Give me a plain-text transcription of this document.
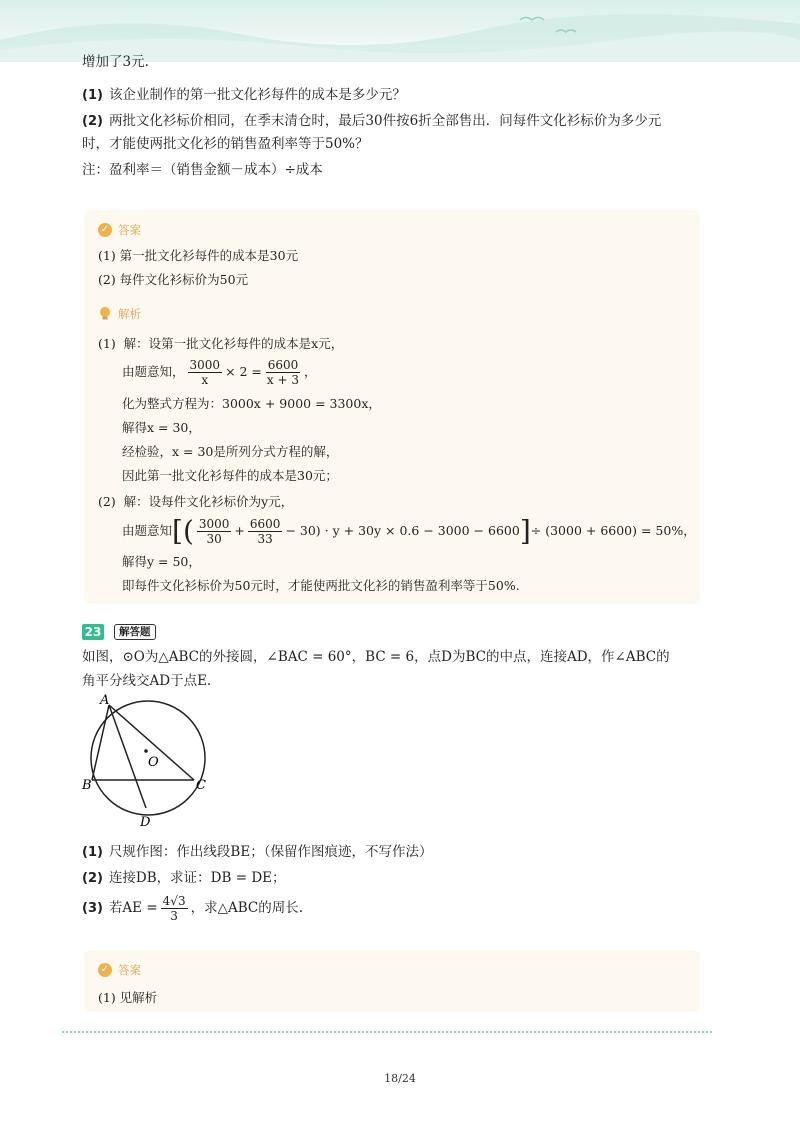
增加了3元.
(1) 该企业制作的第一批文化衫每件的成本是多少元？
(2) 两批文化衫标价相同，在季末清仓时，最后30件按6折全部售出．问每件文化衫标价为多少元
时，才能使两批文化衫的销售盈利率等于50%？
注：盈利率＝（销售金额－成本）÷成本
✓ 答案
(1) 第一批文化衫每件的成本是30元
(2) 每件文化衫标价为50元
解析
(1) 解：设第一批文化衫每件的成本是x元，
由题意知， $\frac{3000}{x} \times 2 = \frac{6600}{x + 3}$ ，
化为整式方程为：3000x + 9000 = 3300x，
解得x = 30，
经检验，x = 30是所列分式方程的解，
因此第一批文化衫每件的成本是30元；
(2) 解：设每件文化衫标价为y元，
由题意知[( $\frac{3000}{30} + \frac{6600}{33} - 30) \cdot y + 30y \times 0.6 - 3000 - 6600]\div (3000 + 6600) = 50\%$，
解得y = 50，
即每件文化衫标价为50元时，才能使两批文化衫的销售盈利率等于50%.
23	解答题
如图，⊙O为△ABC的外接圆，∠BAC = 60°，BC = 6，点D为BC的中点，连接AD，作∠ABC的
角平分线交AD于点E.
A
B	C
D
O
(1) 尺规作图：作出线段BE；（保留作图痕迹，不写作法）
(2) 连接DB，求证：DB = DE；
(3) 若AE = $\frac{4√3}{3}$ ，求△ABC的周长.
✓ 答案
(1) 见解析
18/24
